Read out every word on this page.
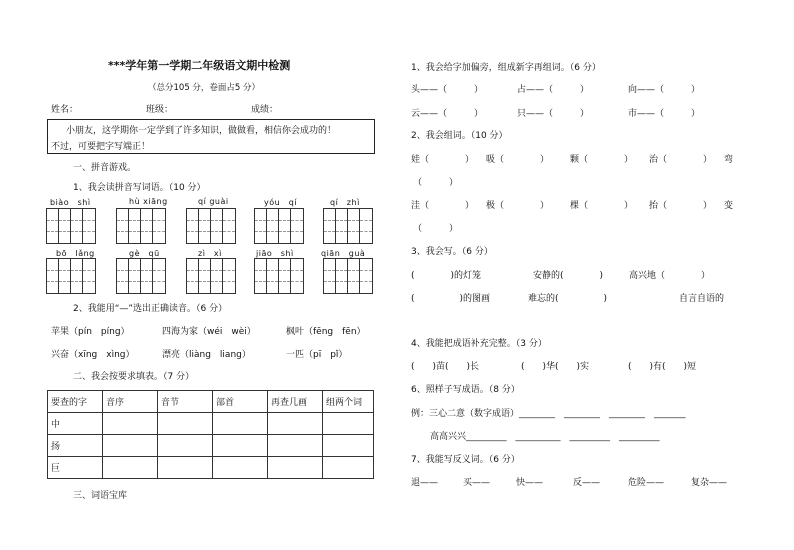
***学年第一学期二年级语文期中检测
（总分105 分，卷面占5 分）
姓名：	班级：	成绩：
小朋友，这学期你一定学到了许多知识，做做看，相信你会成功的！
不过，可要把字写端正！
一、拼音游戏。
1、我会读拼音写词语。（10 分）
biào　shì	hù xiāng	qí guài	yóu　qí	qí　zhì
bō　lǎng	gè　qū	zì　xì	jiāo　shì	qiān　guà
2、我能用“—”选出正确读音。（6 分）
苹果（pín　píng）	四海为家（wéi　wèi）	枫叶（fēng　fēn）
兴奋（xīng　xìng）	漂亮（liàng　liang）	一匹（pī　pǐ）
二、我会按要求填表。（7 分）
要查的字	音序	音节	部首	再查几画	组两个词
中					
扬					
巨					
三、词语宝库
1、我会给字加偏旁，组成新字再组词。（6 分）
头——（　　　）	占——（　　　）	向——（　　　）
云——（　　　）	只——（　　　）	市——（　　　）
2、我会组词。（10 分）
娃（　　　　） 吸（　　　　） 颗（　　　　） 治（　　　　） 弯
（　　　）
洼（　　　　） 极（　　　　） 棵（　　　　） 抬（　　　　） 变
（　　　）
3、我会写。（6 分）
(　　　　)的灯笼	安静的(　　　　)	高兴地（　　　　）
(　　　　　)的图画	难忘的(　　　　　)	自言自语的
4、我能把成语补充完整。（3 分）
(　　)苗(　　)长	(　　)华(　　)实	(　　)有(　　)短
6、照样子写成语。（8 分）
例：三心二意（数字成语）________　________　________　_______
高高兴兴_________　__________　_________　_________
7、我能写反义词。（6 分）
退——	买——	快——	反——	危险——	复杂——
